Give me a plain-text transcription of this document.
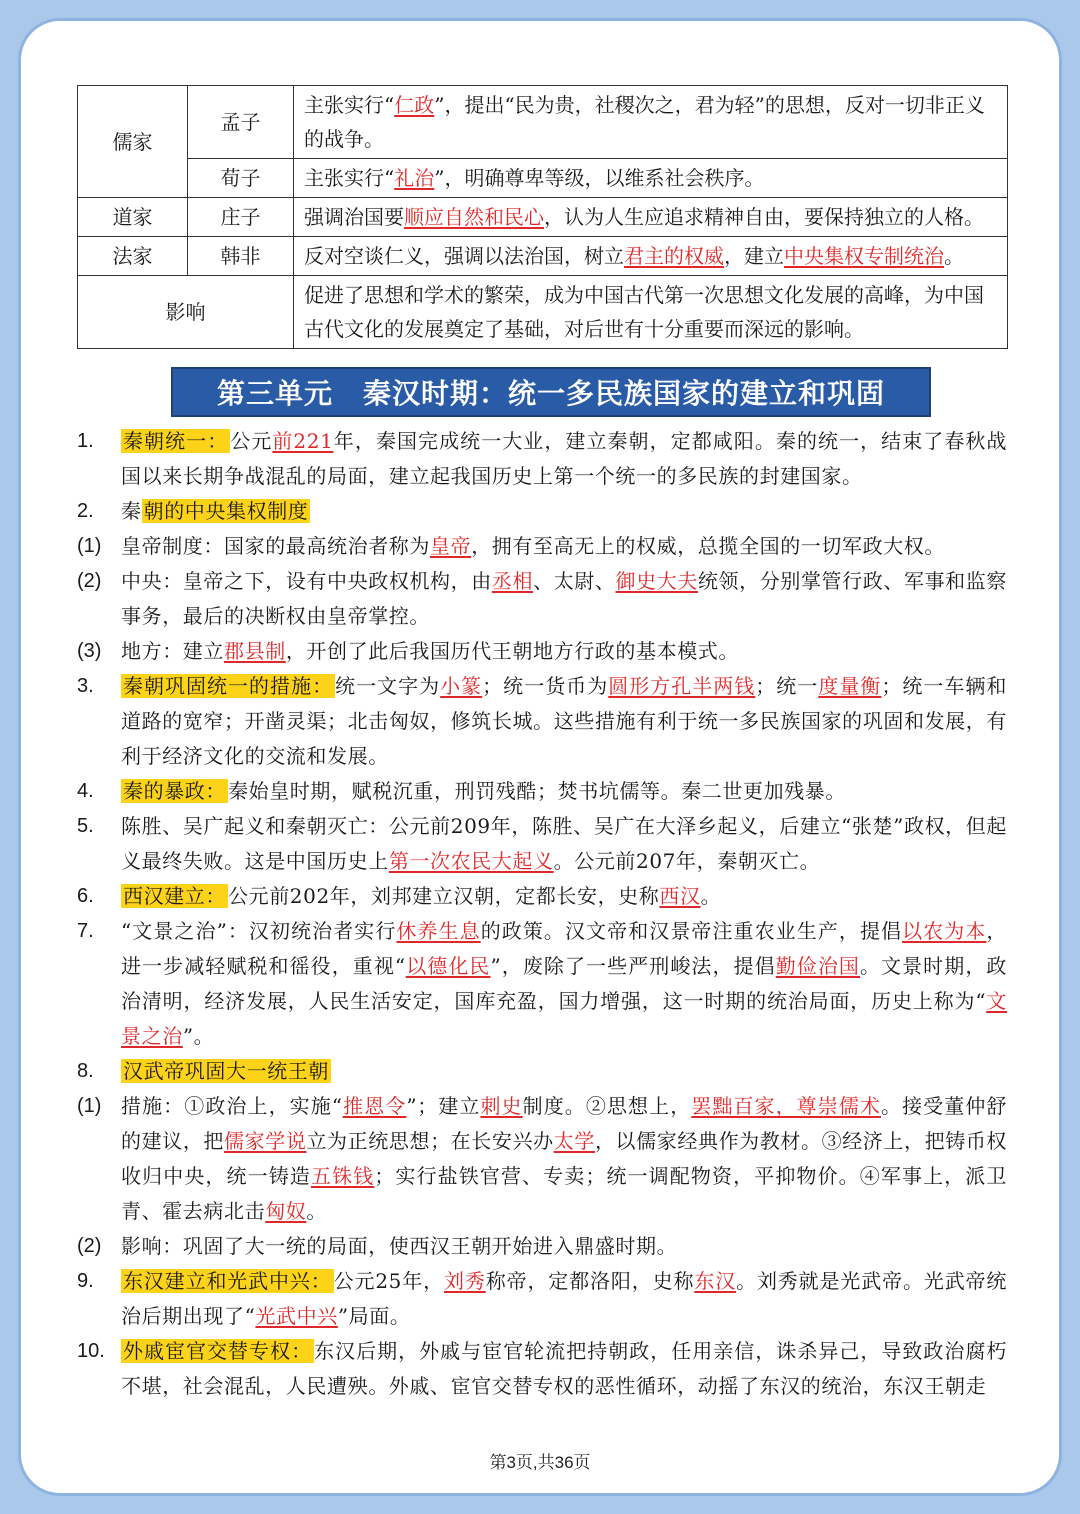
儒家	孟子	主张实行“仁政”，提出“民为贵，社稷次之，君为轻”的思想，反对一切非正义的战争。
	荀子	主张实行“礼治”，明确尊卑等级，以维系社会秩序。
道家	庄子	强调治国要顺应自然和民心，认为人生应追求精神自由，要保持独立的人格。
法家	韩非	反对空谈仁义，强调以法治国，树立君主的权威，建立中央集权专制统治。
影响		促进了思想和学术的繁荣，成为中国古代第一次思想文化发展的高峰，为中国古代文化的发展奠定了基础，对后世有十分重要而深远的影响。
第三单元 秦汉时期：统一多民族国家的建立和巩固
1.	秦朝统一： 公元前221年，秦国完成统一大业，建立秦朝，定都咸阳。秦的统一，结束了春秋战国以来长期争战混乱的局面，建立起我国历史上第一个统一的多民族的封建国家。
2.	秦 朝的中央集权制度
(1) 皇帝制度：国家的最高统治者称为皇帝，拥有至高无上的权威，总揽全国的一切军政大权。
(2) 中央：皇帝之下，设有中央政权机构，由丞相、太尉、御史大夫统领，分别掌管行政、军事和监察事务，最后的决断权由皇帝掌控。
(3) 地方：建立郡县制，开创了此后我国历代王朝地方行政的基本模式。
3.	秦朝巩固统一的措施： 统一文字为小篆；统一货币为圆形方孔半两钱；统一度量衡；统一车辆和道路的宽窄；开凿灵渠；北击匈奴，修筑长城。这些措施有利于统一多民族国家的巩固和发展，有利于经济文化的交流和发展。
4.	秦的暴政： 秦始皇时期，赋税沉重，刑罚残酷；焚书坑儒等。秦二世更加残暴。
5.	陈胜、吴广起义和秦朝灭亡：公元前209年，陈胜、吴广在大泽乡起义，后建立“张楚”政权，但起义最终失败。这是中国历史上第一次农民大起义。公元前207年，秦朝灭亡。
6.	西汉建立： 公元前202年，刘邦建立汉朝，定都长安，史称西汉。
7.	“文景之治”：汉初统治者实行休养生息的政策。汉文帝和汉景帝注重农业生产，提倡以农为本，进一步减轻赋税和徭役，重视“以德化民”，废除了一些严刑峻法，提倡勤俭治国。文景时期，政治清明，经济发展，人民生活安定，国库充盈，国力增强，这一时期的统治局面，历史上称为“文景之治”。
8.	汉武帝巩固大一统王朝
(1) 措施：①政治上，实施“推恩令”；建立刺史制度。②思想上，罢黜百家，尊崇儒术。接受董仲舒的建议，把儒家学说立为正统思想；在长安兴办太学，以儒家经典作为教材。③经济上，把铸币权收归中央，统一铸造五铢钱；实行盐铁官营、专卖；统一调配物资，平抑物价。④军事上，派卫青、霍去病北击匈奴。
(2) 影响：巩固了大一统的局面，使西汉王朝开始进入鼎盛时期。
9.	东汉建立和光武中兴： 公元25年，刘秀称帝，定都洛阳，史称东汉。刘秀就是光武帝。光武帝统治后期出现了“光武中兴”局面。
10. 外戚宦官交替专权： 东汉后期，外戚与宦官轮流把持朝政，任用亲信，诛杀异己，导致政治腐朽不堪，社会混乱，人民遭殃。外戚、宦官交替专权的恶性循环，动摇了东汉的统治，东汉王朝走
第3页,共36页
